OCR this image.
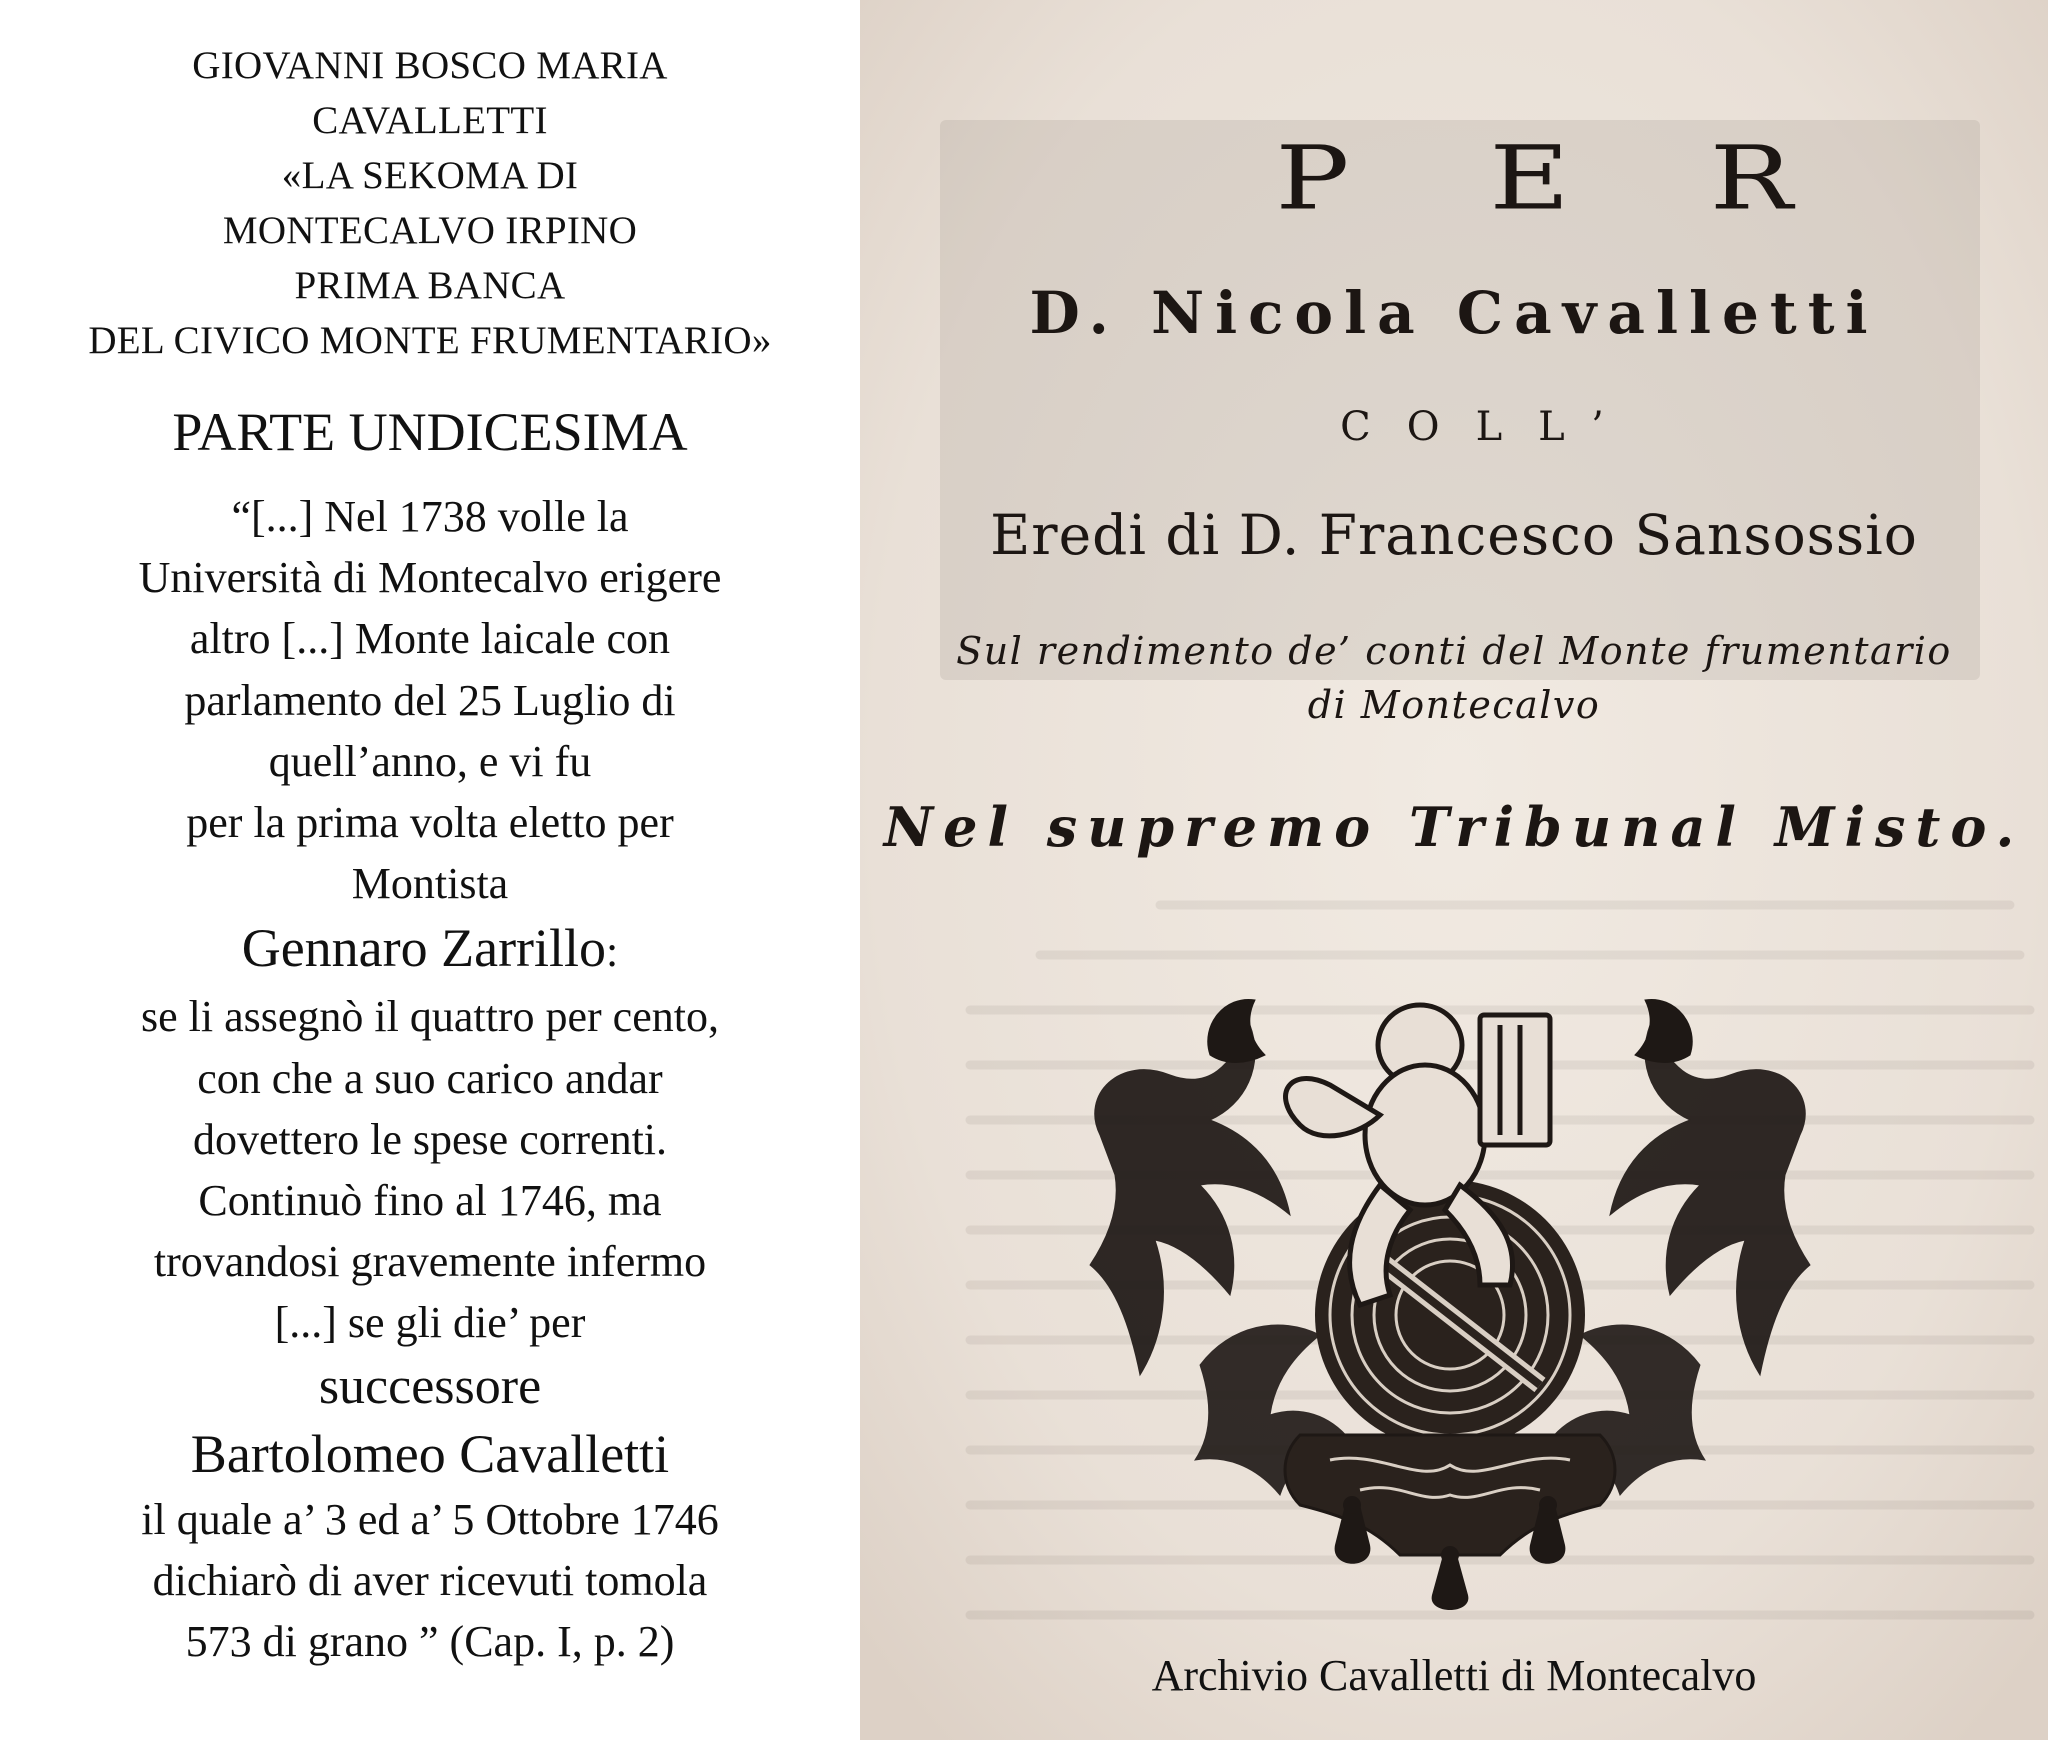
GIOVANNI BOSCO MARIA
CAVALLETTI
«LA SEKOMA DI
MONTECALVO IRPINO
PRIMA BANCA
DEL CIVICO MONTE FRUMENTARIO»
PARTE UNDICESIMA
“[...] Nel 1738 volle la
Università di Montecalvo erigere
altro [...] Monte laicale con
parlamento del 25 Luglio di
quell’anno, e vi fu
per la prima volta eletto per
Montista
Gennaro Zarrillo:
se li assegnò il quattro per cento,
con che a suo carico andar
dovettero le spese correnti.
Continuò fino al 1746, ma
trovandosi gravemente infermo
[...] se gli die’ per
successore
Bartolomeo Cavalletti
il quale a’ 3 ed a’ 5 Ottobre 1746
dichiarò di aver ricevuti tomola
573 di grano ” (Cap. I, p. 2)
PER
D. Nicola Cavalletti
COLL’
Eredi di D. Francesco Sansossio
Sul rendimento de’ conti del Monte frumentario
di Montecalvo
Nel supremo Tribunal Misto.
Archivio Cavalletti di Montecalvo
